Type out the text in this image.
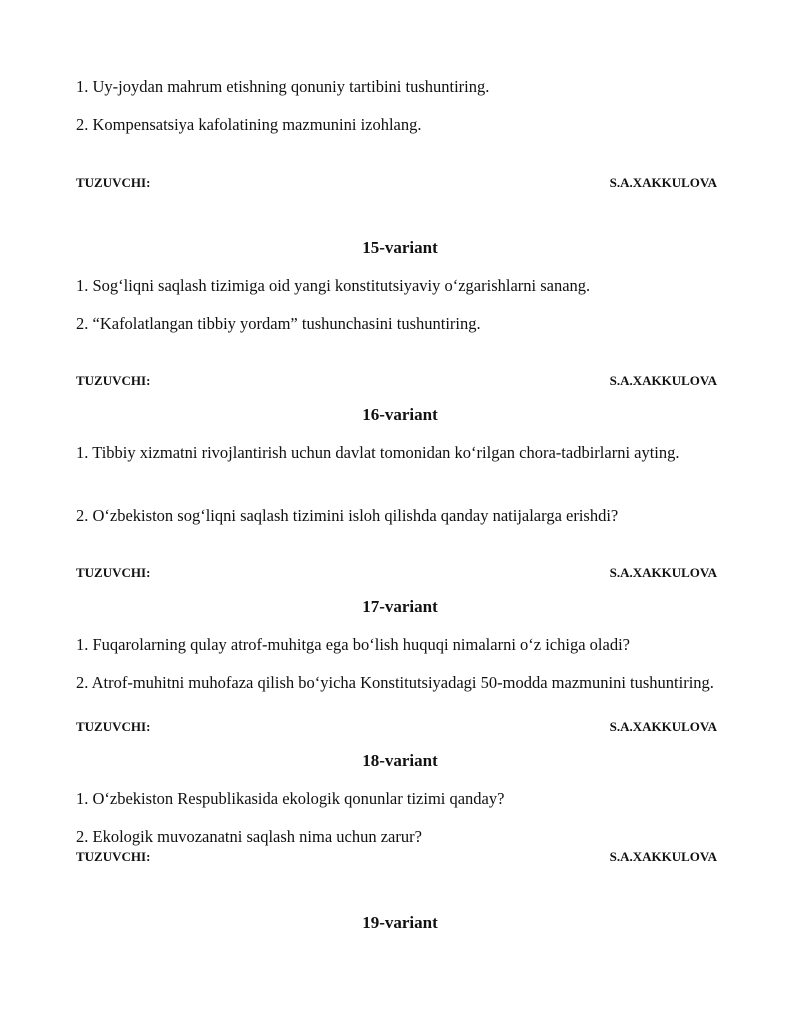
1. Uy-joydan mahrum etishning qonuniy tartibini tushuntiring.
2. Kompensatsiya kafolatining mazmunini izohlang.
TUZUVCHI:	S.A.XAKKULOVA
15-variant
1. Sog‘liqni saqlash tizimiga oid yangi konstitutsiyaviy o‘zgarishlarni sanang.
2. “Kafolatlangan tibbiy yordam” tushunchasini tushuntiring.
TUZUVCHI:	S.A.XAKKULOVA
16-variant
1. Tibbiy xizmatni rivojlantirish uchun davlat tomonidan ko‘rilgan chora-tadbirlarni ayting.
2. O‘zbekiston sog‘liqni saqlash tizimini isloh qilishda qanday natijalarga erishdi?
TUZUVCHI:	S.A.XAKKULOVA
17-variant
1. Fuqarolarning qulay atrof-muhitga ega bo‘lish huquqi nimalarni o‘z ichiga oladi?
2. Atrof-muhitni muhofaza qilish bo‘yicha Konstitutsiyadagi 50-modda mazmunini tushuntiring.
TUZUVCHI:	S.A.XAKKULOVA
18-variant
1. O‘zbekiston Respublikasida ekologik qonunlar tizimi qanday?
2. Ekologik muvozanatni saqlash nima uchun zarur?
TUZUVCHI:	S.A.XAKKULOVA
19-variant
